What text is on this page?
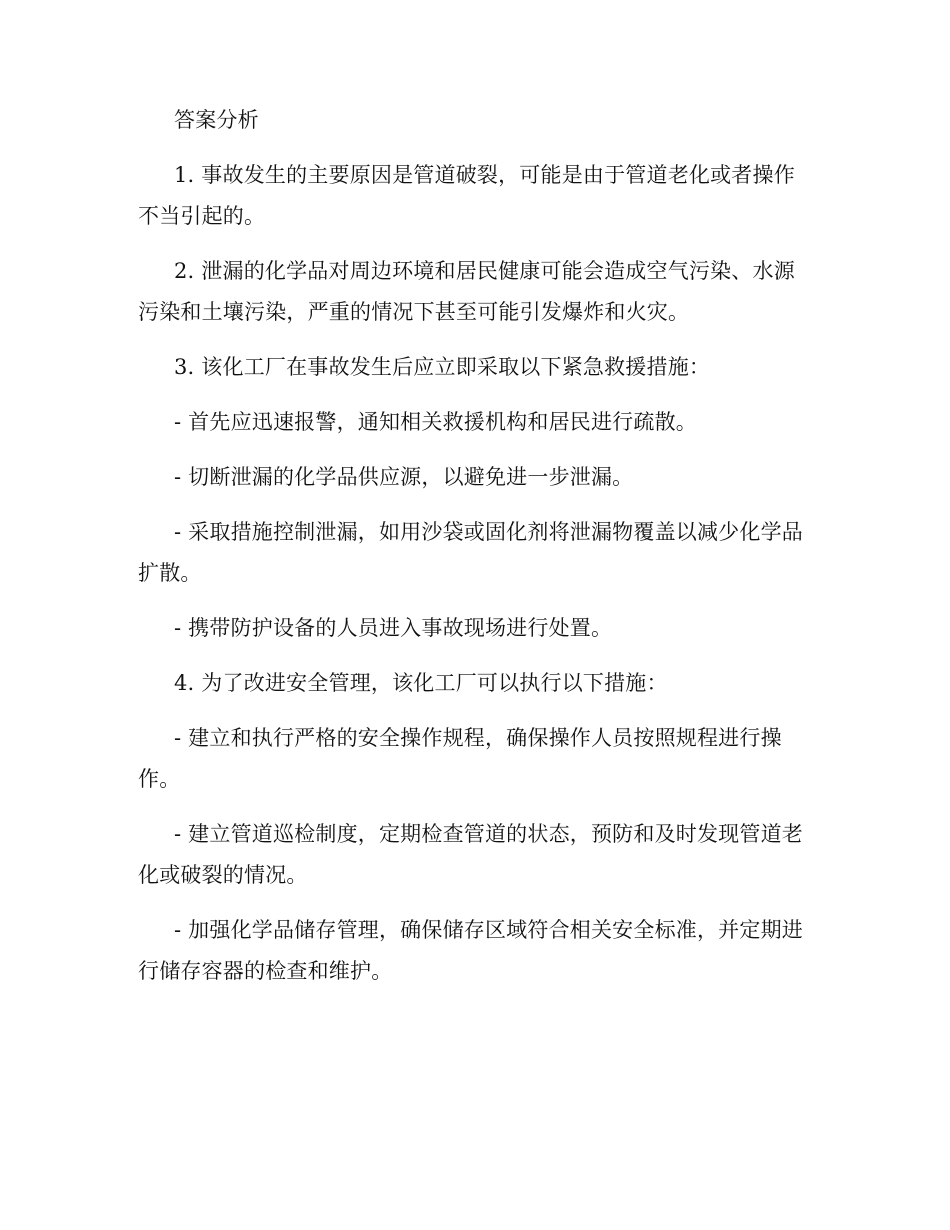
答案分析

1. 事故发生的主要原因是管道破裂，可能是由于管道老化或者操作不当引起的。

2. 泄漏的化学品对周边环境和居民健康可能会造成空气污染、水源污染和土壤污染，严重的情况下甚至可能引发爆炸和火灾。

3. 该化工厂在事故发生后应立即采取以下紧急救援措施：

- 首先应迅速报警，通知相关救援机构和居民进行疏散。

- 切断泄漏的化学品供应源，以避免进一步泄漏。

- 采取措施控制泄漏，如用沙袋或固化剂将泄漏物覆盖以减少化学品扩散。

- 携带防护设备的人员进入事故现场进行处置。

4. 为了改进安全管理，该化工厂可以执行以下措施：

- 建立和执行严格的安全操作规程，确保操作人员按照规程进行操作。

- 建立管道巡检制度，定期检查管道的状态，预防和及时发现管道老化或破裂的情况。

- 加强化学品储存管理，确保储存区域符合相关安全标准，并定期进行储存容器的检查和维护。
